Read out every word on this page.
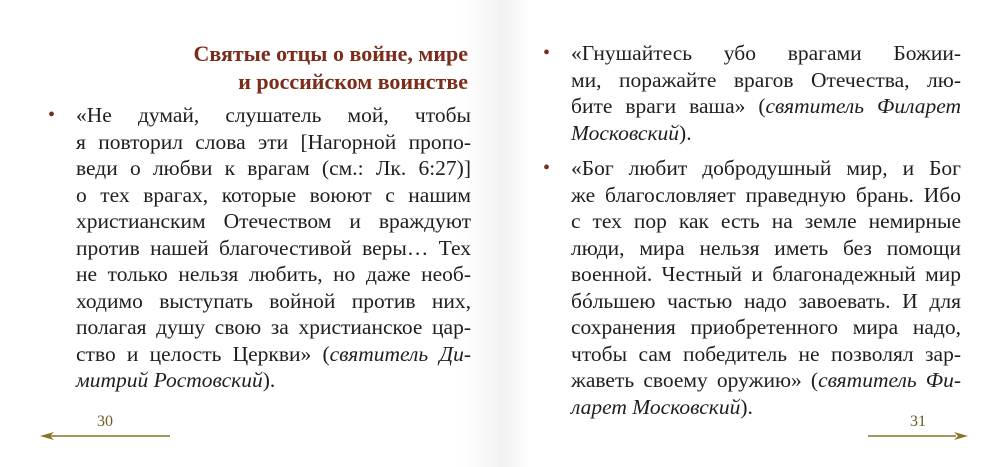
Святые отцы о войне, мире
и российском воинстве
• «Не думай, слушатель мой, чтобы
я повторил слова эти [Нагорной пропо-
веди о любви к врагам (см.: Лк. 6:27)]
о тех врагах, которые воюют с нашим
христианским Отечеством и враждуют
против нашей благочестивой веры… Тех
не только нельзя любить, но даже необ-
ходимо выступать войной против них,
полагая душу свою за христианское цар-
ство и целость Церкви» (святитель Ди-
митрий Ростовский).
30
• «Гнушайтесь убо врагами Божии-
ми, поражайте врагов Отечества, лю-
бите враги ваша» (святитель Филарет
Московский).
• «Бог любит добродушный мир, и Бог
же благословляет праведную брань. Ибо
с тех пор как есть на земле немирные
люди, мира нельзя иметь без помощи
военной. Честный и благонадежный мир
бóльшею частью надо завоевать. И для
сохранения приобретенного мира надо,
чтобы сам победитель не позволял зар-
жаветь своему оружию» (святитель Фи-
ларет Московский).
31
